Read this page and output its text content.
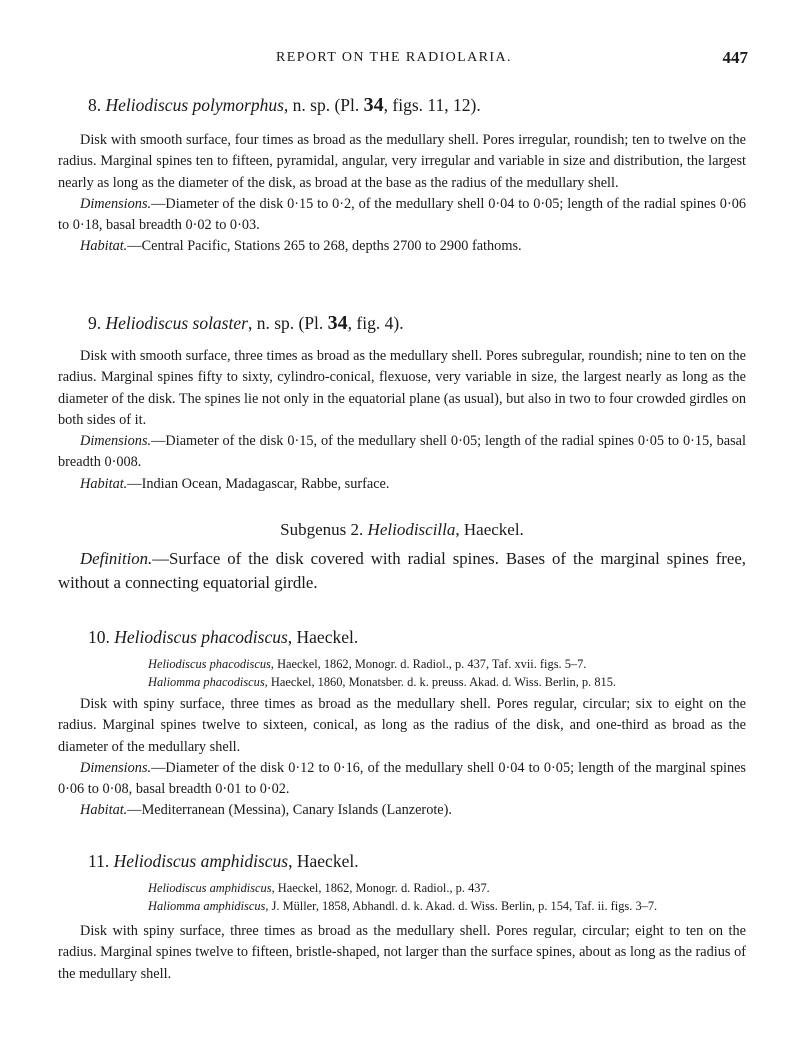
REPORT ON THE RADIOLARIA.	447
8. Heliodiscus polymorphus, n. sp. (Pl. 34, figs. 11, 12).
Disk with smooth surface, four times as broad as the medullary shell. Pores irregular, roundish; ten to twelve on the radius. Marginal spines ten to fifteen, pyramidal, angular, very irregular and variable in size and distribution, the largest nearly as long as the diameter of the disk, as broad at the base as the radius of the medullary shell.
Dimensions.—Diameter of the disk 0·15 to 0·2, of the medullary shell 0·04 to 0·05; length of the radial spines 0·06 to 0·18, basal breadth 0·02 to 0·03.
Habitat.—Central Pacific, Stations 265 to 268, depths 2700 to 2900 fathoms.
9. Heliodiscus solaster, n. sp. (Pl. 34, fig. 4).
Disk with smooth surface, three times as broad as the medullary shell. Pores subregular, roundish; nine to ten on the radius. Marginal spines fifty to sixty, cylindro-conical, flexuose, very variable in size, the largest nearly as long as the diameter of the disk. The spines lie not only in the equatorial plane (as usual), but also in two to four crowded girdles on both sides of it.
Dimensions.—Diameter of the disk 0·15, of the medullary shell 0·05; length of the radial spines 0·05 to 0·15, basal breadth 0·008.
Habitat.—Indian Ocean, Madagascar, Rabbe, surface.
Subgenus 2. Heliodiscilla, Haeckel.
Definition.—Surface of the disk covered with radial spines. Bases of the marginal spines free, without a connecting equatorial girdle.
10. Heliodiscus phacodiscus, Haeckel.
Heliodiscus phacodiscus, Haeckel, 1862, Monogr. d. Radiol., p. 437, Taf. xvii. figs. 5–7.
Haliomma phacodiscus, Haeckel, 1860, Monatsber. d. k. preuss. Akad. d. Wiss. Berlin, p. 815.
Disk with spiny surface, three times as broad as the medullary shell. Pores regular, circular; six to eight on the radius. Marginal spines twelve to sixteen, conical, as long as the radius of the disk, and one-third as broad as the diameter of the medullary shell.
Dimensions.—Diameter of the disk 0·12 to 0·16, of the medullary shell 0·04 to 0·05; length of the marginal spines 0·06 to 0·08, basal breadth 0·01 to 0·02.
Habitat.—Mediterranean (Messina), Canary Islands (Lanzerote).
11. Heliodiscus amphidiscus, Haeckel.
Heliodiscus amphidiscus, Haeckel, 1862, Monogr. d. Radiol., p. 437.
Haliomma amphidiscus, J. Müller, 1858, Abhandl. d. k. Akad. d. Wiss. Berlin, p. 154, Taf. ii. figs. 3–7.
Disk with spiny surface, three times as broad as the medullary shell. Pores regular, circular; eight to ten on the radius. Marginal spines twelve to fifteen, bristle-shaped, not larger than the surface spines, about as long as the radius of the medullary shell.
